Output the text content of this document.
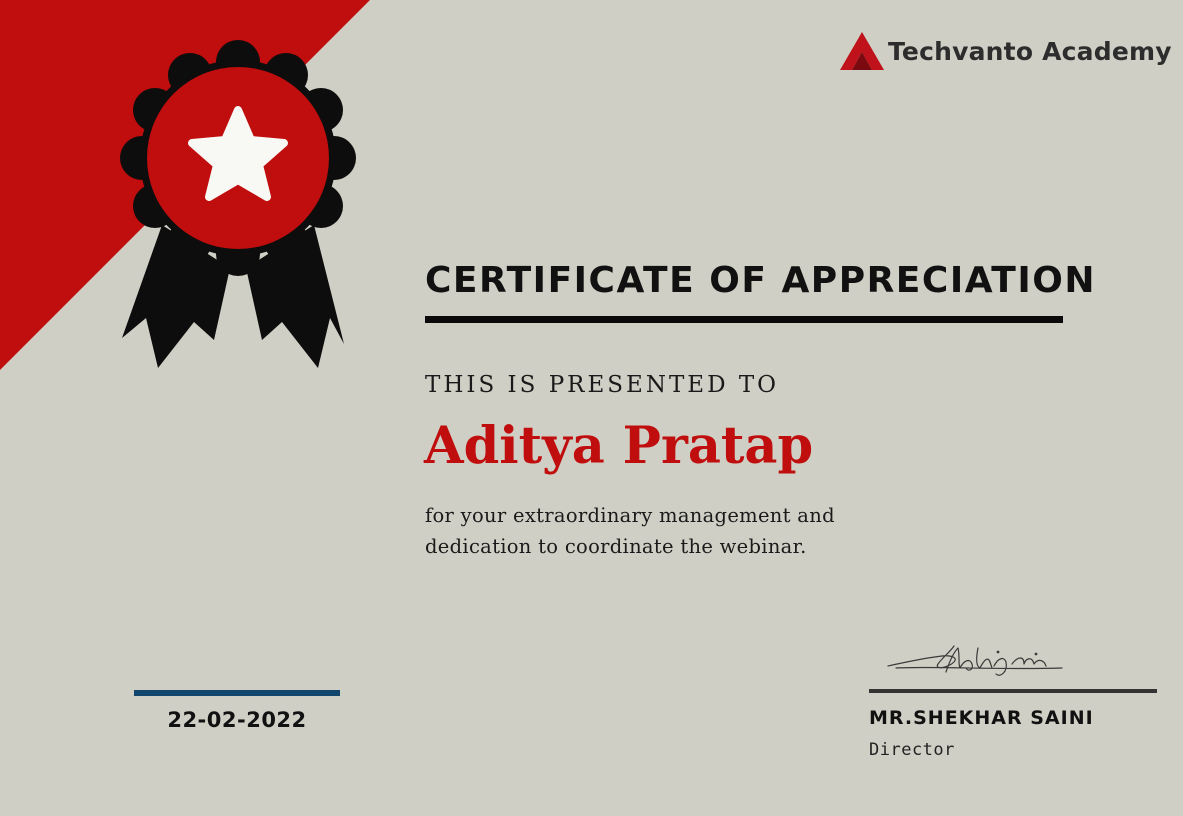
Techvanto Academy
CERTIFICATE OF APPRECIATION
THIS IS PRESENTED TO
Aditya Pratap
for your extraordinary management and
dedication to coordinate the webinar.
22-02-2022	MR.SHEKHAR SAINI
Director
